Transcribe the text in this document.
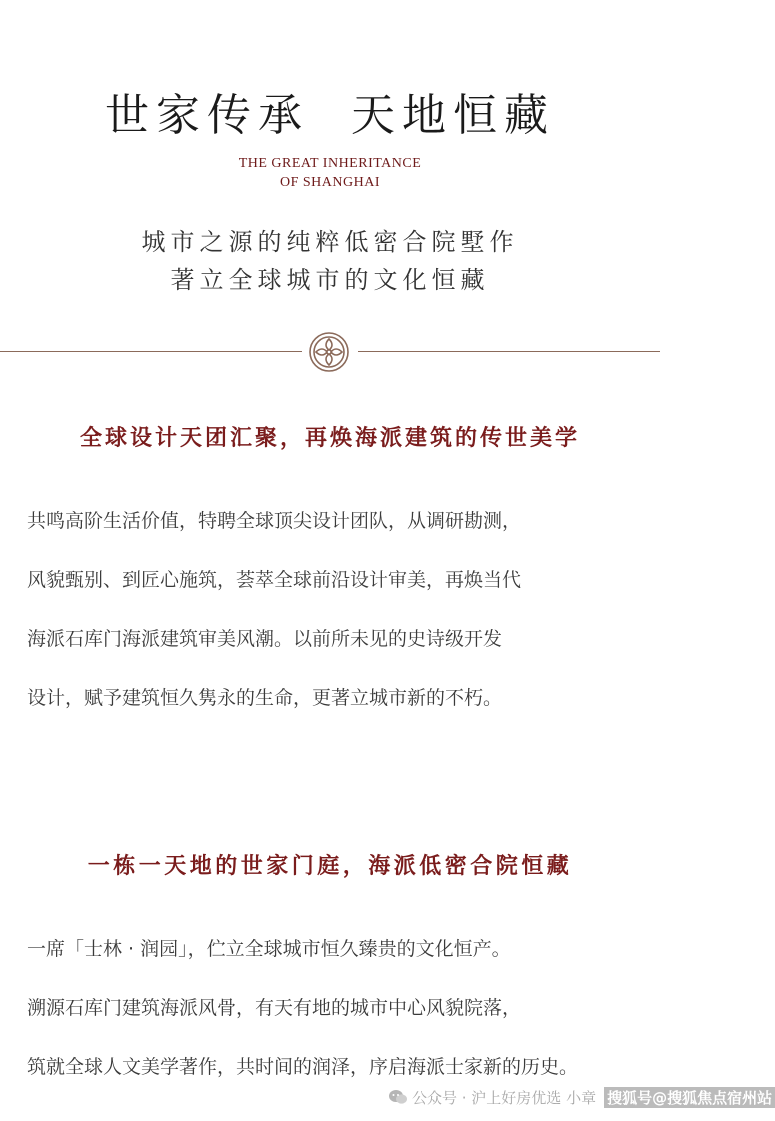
世家传承  天地恒藏
THE GREAT INHERITANCE
OF SHANGHAI
城市之源的纯粹低密合院墅作
著立全球城市的文化恒藏
全球设计天团汇聚，再焕海派建筑的传世美学
共鸣高阶生活价值，特聘全球顶尖设计团队，从调研勘测，
风貌甄别、到匠心施筑，荟萃全球前沿设计审美，再焕当代
海派石库门海派建筑审美风潮。以前所未见的史诗级开发
设计，赋予建筑恒久隽永的生命，更著立城市新的不朽。
一栋一天地的世家门庭，海派低密合院恒藏
一席「士林 · 润园」，伫立全球城市恒久臻贵的文化恒产。
溯源石库门建筑海派风骨，有天有地的城市中心风貌院落，
筑就全球人文美学著作，共时间的润泽，序启海派士家新的历史。
公众号 · 沪上好房优选 小章 搜狐号@搜狐焦点宿州站
